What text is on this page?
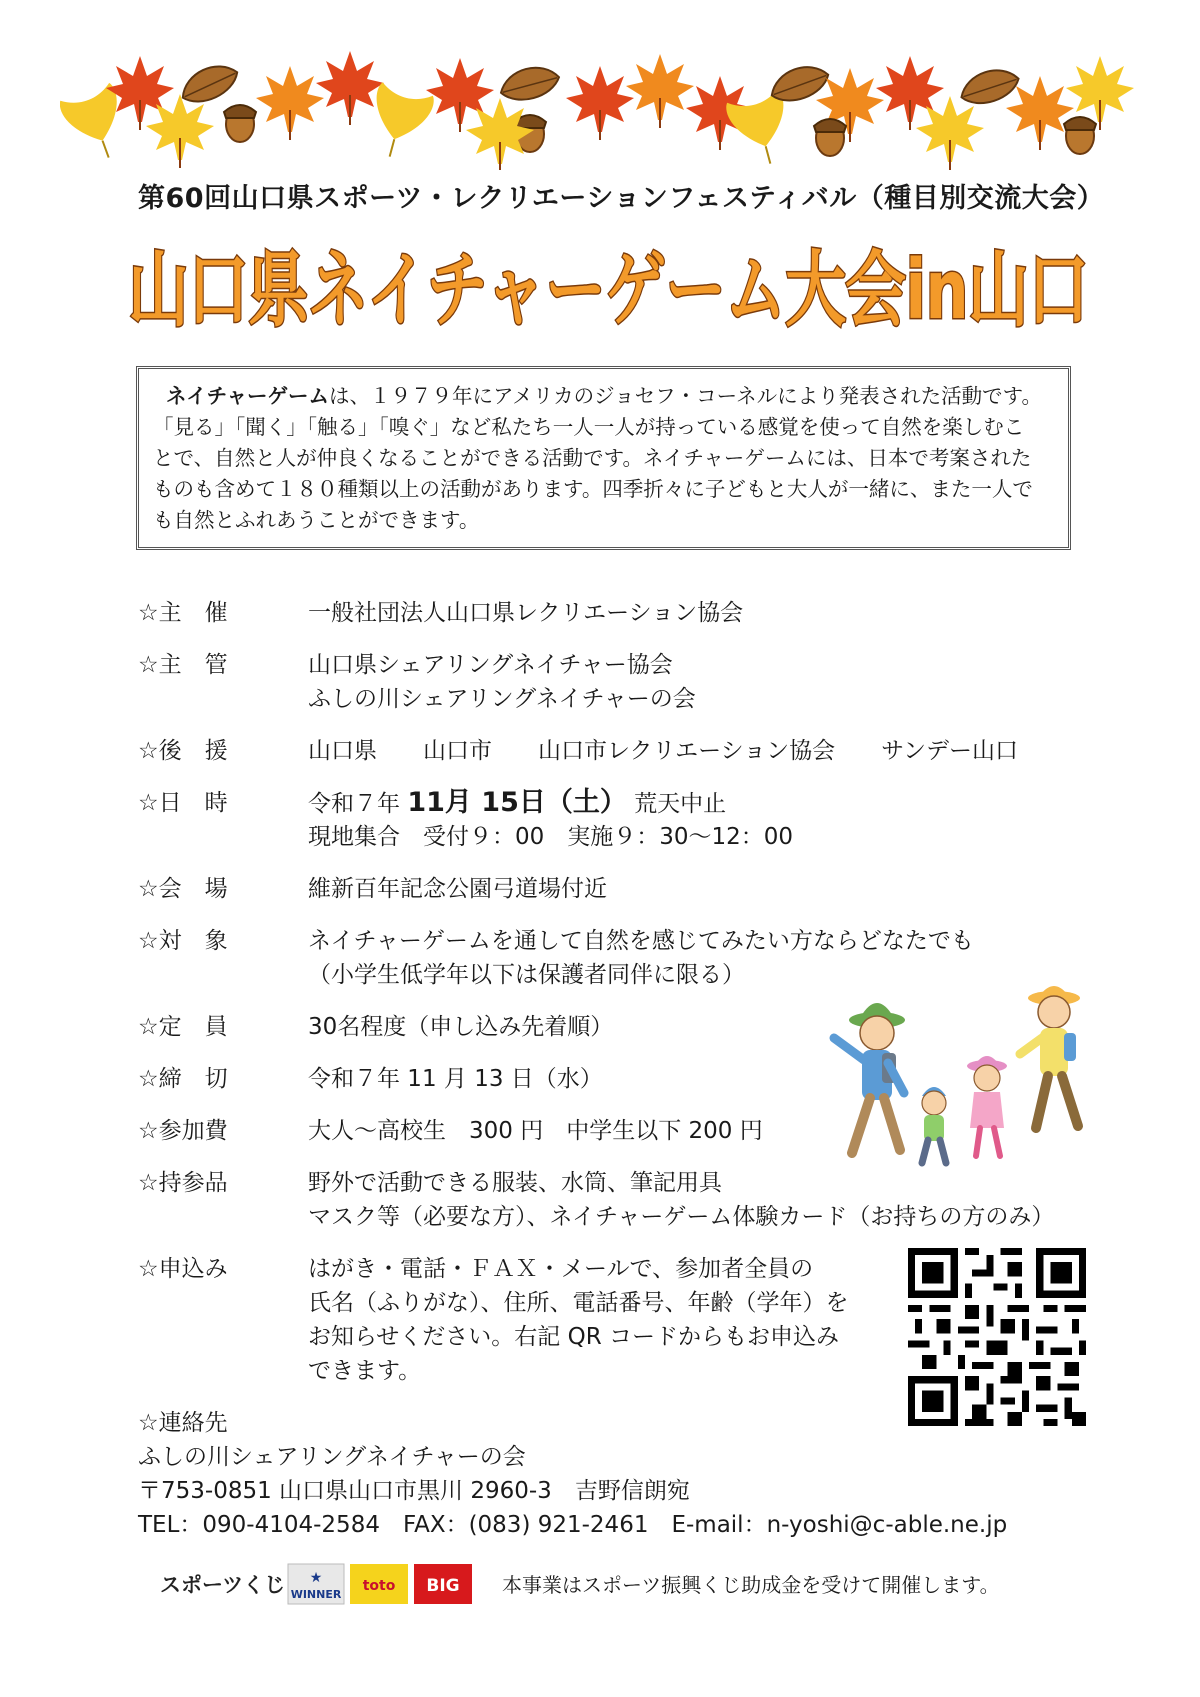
第60回山口県スポーツ・レクリエーションフェスティバル（種目別交流大会）
山口県ネイチャーゲーム大会in山口
ネイチャーゲームは、１９７９年にアメリカのジョセフ・コーネルにより発表された活動です。
「見る」「聞く」「触る」「嗅ぐ」など私たち一人一人が持っている感覚を使って自然を楽しむこ
とで、自然と人が仲良くなることができる活動です。ネイチャーゲームには、日本で考案された
ものも含めて１８０種類以上の活動があります。四季折々に子どもと大人が一緒に、また一人で
も自然とふれあうことができます。
☆主　催	一般社団法人山口県レクリエーション協会
☆主　管	山口県シェアリングネイチャー協会
ふしの川シェアリングネイチャーの会
☆後　援	山口県　　山口市　　山口市レクリエーション協会　　サンデー山口
☆日　時	令和７年 11月 15日（土） 荒天中止
現地集合　受付９：00　実施９：30～12：00
☆会　場	維新百年記念公園弓道場付近
☆対　象	ネイチャーゲームを通して自然を感じてみたい方ならどなたでも
（小学生低学年以下は保護者同伴に限る）
☆定　員	30名程度（申し込み先着順）
☆締　切	令和７年 11 月 13 日（水）
☆参加費	大人～高校生　300 円　中学生以下 200 円
☆持参品	野外で活動できる服装、水筒、筆記用具
マスク等（必要な方）、ネイチャーゲーム体験カード（お持ちの方のみ）
☆申込み	はがき・電話・ＦＡＸ・メールで、参加者全員の
氏名（ふりがな）、住所、電話番号、年齢（学年）を
お知らせください。右記 QR コードからもお申込み
できます。
☆連絡先
ふしの川シェアリングネイチャーの会
〒753-0851 山口県山口市黒川 2960-3　吉野信朗宛
TEL：090-4104-2584　FAX：(083) 921-2461　E-mail：n-yoshi@c-able.ne.jp
スポーツくじ ★
WINNER
toto BIG 本事業はスポーツ振興くじ助成金を受けて開催します。
